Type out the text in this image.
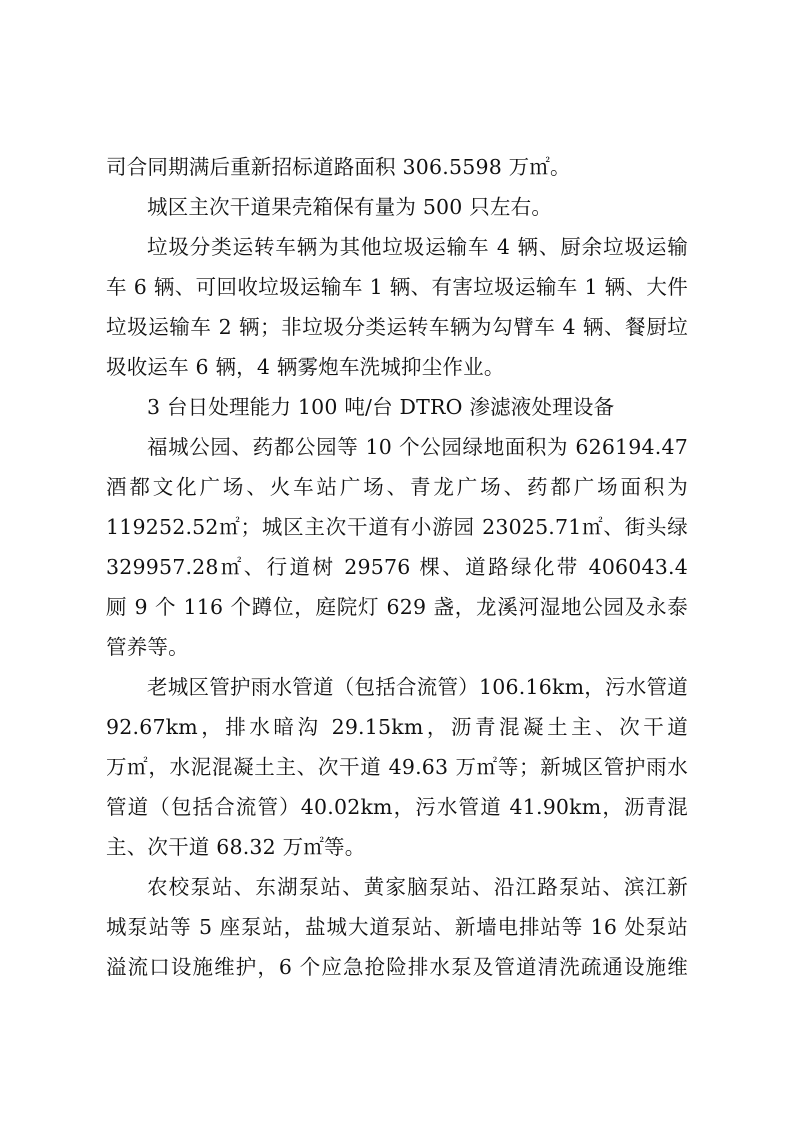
司合同期满后重新招标道路面积 306.5598 万㎡。
城区主次干道果壳箱保有量为 500 只左右。
垃圾分类运转车辆为其他垃圾运输车 4 辆、厨余垃圾运输
车 6 辆、可回收垃圾运输车 1 辆、有害垃圾运输车 1 辆、大件
垃圾运输车 2 辆；非垃圾分类运转车辆为勾臂车 4 辆、餐厨垃
圾收运车 6 辆，4 辆雾炮车洗城抑尘作业。
3 台日处理能力 100 吨/台 DTRO 渗滤液处理设备
福城公园、药都公园等 10 个公园绿地面积为 626194.47
酒都文化广场、火车站广场、青龙广场、药都广场面积为
119252.52㎡；城区主次干道有小游园 23025.71㎡、街头绿
329957.28㎡、行道树 29576 棵、道路绿化带 406043.4
厕 9 个 116 个蹲位，庭院灯 629 盏，龙溪河湿地公园及永泰
管养等。
老城区管护雨水管道（包括合流管）106.16km，污水管道
92.67km，排水暗沟 29.15km，沥青混凝土主、次干道
万㎡，水泥混凝土主、次干道 49.63 万㎡等；新城区管护雨水
管道（包括合流管）40.02km，污水管道 41.90km，沥青混
主、次干道 68.32 万㎡等。
农校泵站、东湖泵站、黄家脑泵站、沿江路泵站、滨江新
城泵站等 5 座泵站，盐城大道泵站、新墙电排站等 16 处泵站
溢流口设施维护，6 个应急抢险排水泵及管道清洗疏通设施维
